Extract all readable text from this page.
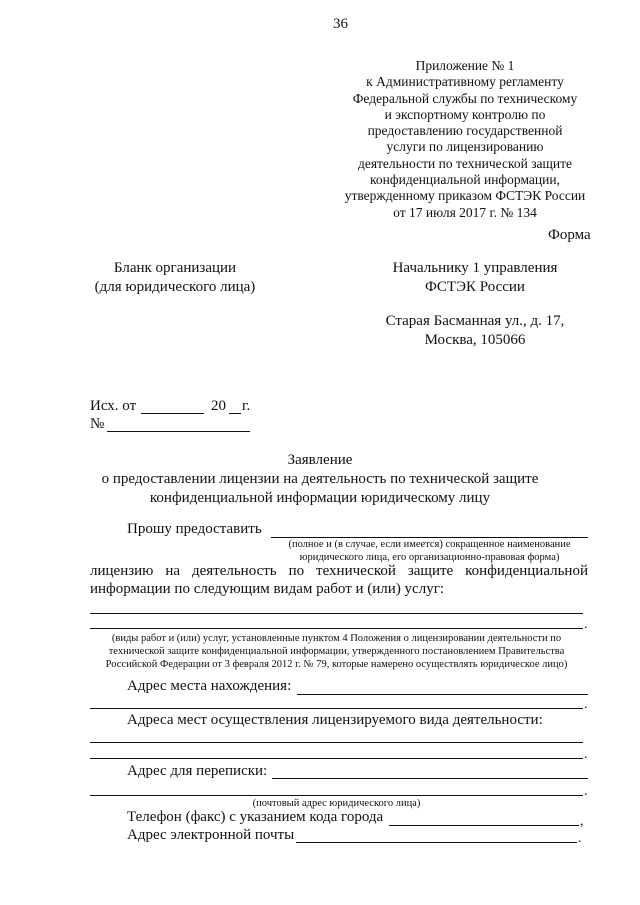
36
Приложение № 1
к Административному регламенту
Федеральной службы по техническому
и экспортному контролю по
предоставлению государственной
услуги по лицензированию
деятельности по технической защите
конфиденциальной информации,
утвержденному приказом ФСТЭК России
от 17 июля 2017 г. № 134
Форма
Бланк организации
(для юридического лица)
Начальнику 1 управления
ФСТЭК России
Старая Басманная ул., д. 17,
Москва, 105066
Исх. от	20 г.
№
Заявление
о предоставлении лицензии на деятельность по технической защите
конфиденциальной информации юридическому лицу
Прошу предоставить
(полное и (в случае, если имеется) сокращенное наименование
юридического лица, его организационно-правовая форма)
лицензию на деятельность по технической защите конфиденциальной
информации по следующим видам работ и (или) услуг:
.
(виды работ и (или) услуг, установленные пунктом 4 Положения о лицензировании деятельности по
технической защите конфиденциальной информации, утвержденного постановлением Правительства
Российской Федерации от 3 февраля 2012 г. № 79, которые намерено осуществлять юридическое лицо)
Адрес места нахождения:
.
Адреса мест осуществления лицензируемого вида деятельности:
.
Адрес для переписки:
.
(почтовый адрес юридического лица)
Телефон (факс) с указанием кода города	,
Адрес электронной почты	.
